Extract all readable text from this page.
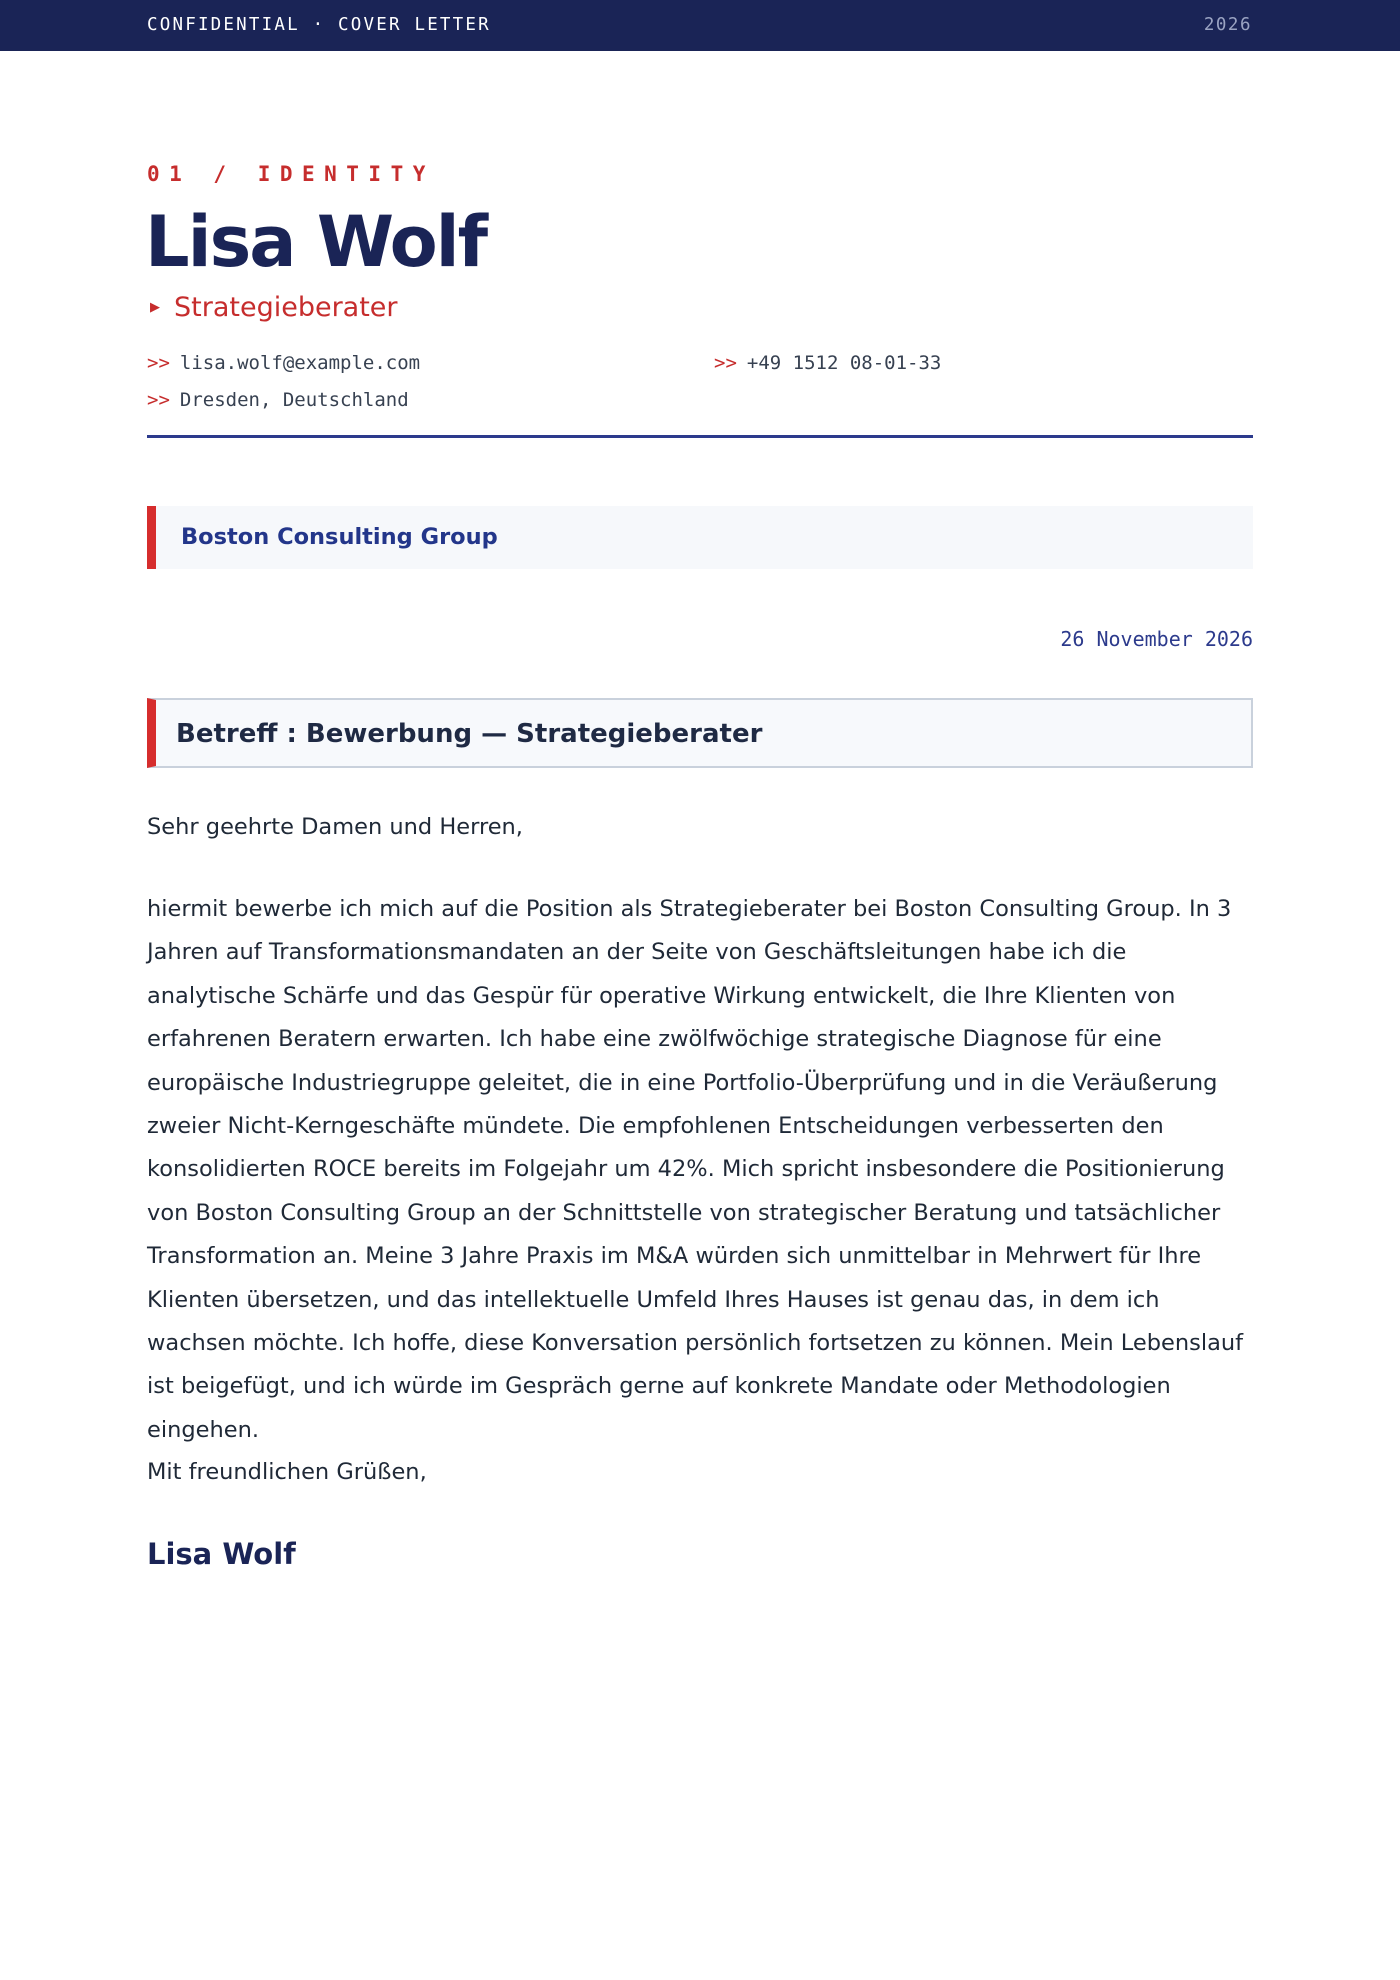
CONFIDENTIAL · COVER LETTER	2026
01 / IDENTITY
Lisa Wolf
▶ Strategieberater
>> lisa.wolf@example.com	>> +49 1512 08-01-33
>> Dresden, Deutschland
Boston Consulting Group
26 November 2026
Betreff : Bewerbung — Strategieberater
Sehr geehrte Damen und Herren,
hiermit bewerbe ich mich auf die Position als Strategieberater bei Boston Consulting Group. In 3 Jahren auf Transformationsmandaten an der Seite von Geschäftsleitungen habe ich die analytische Schärfe und das Gespür für operative Wirkung entwickelt, die Ihre Klienten von erfahrenen Beratern erwarten. Ich habe eine zwölfwöchige strategische Diagnose für eine europäische Industriegruppe geleitet, die in eine Portfolio-Überprüfung und in die Veräußerung zweier Nicht-Kerngeschäfte mündete. Die empfohlenen Entscheidungen verbesserten den konsolidierten ROCE bereits im Folgejahr um 42%. Mich spricht insbesondere die Positionierung von Boston Consulting Group an der Schnittstelle von strategischer Beratung und tatsächlicher Transformation an. Meine 3 Jahre Praxis im M&A würden sich unmittelbar in Mehrwert für Ihre Klienten übersetzen, und das intellektuelle Umfeld Ihres Hauses ist genau das, in dem ich wachsen möchte. Ich hoffe, diese Konversation persönlich fortsetzen zu können. Mein Lebenslauf ist beigefügt, und ich würde im Gespräch gerne auf konkrete Mandate oder Methodologien eingehen.
Mit freundlichen Grüßen,
Lisa Wolf
